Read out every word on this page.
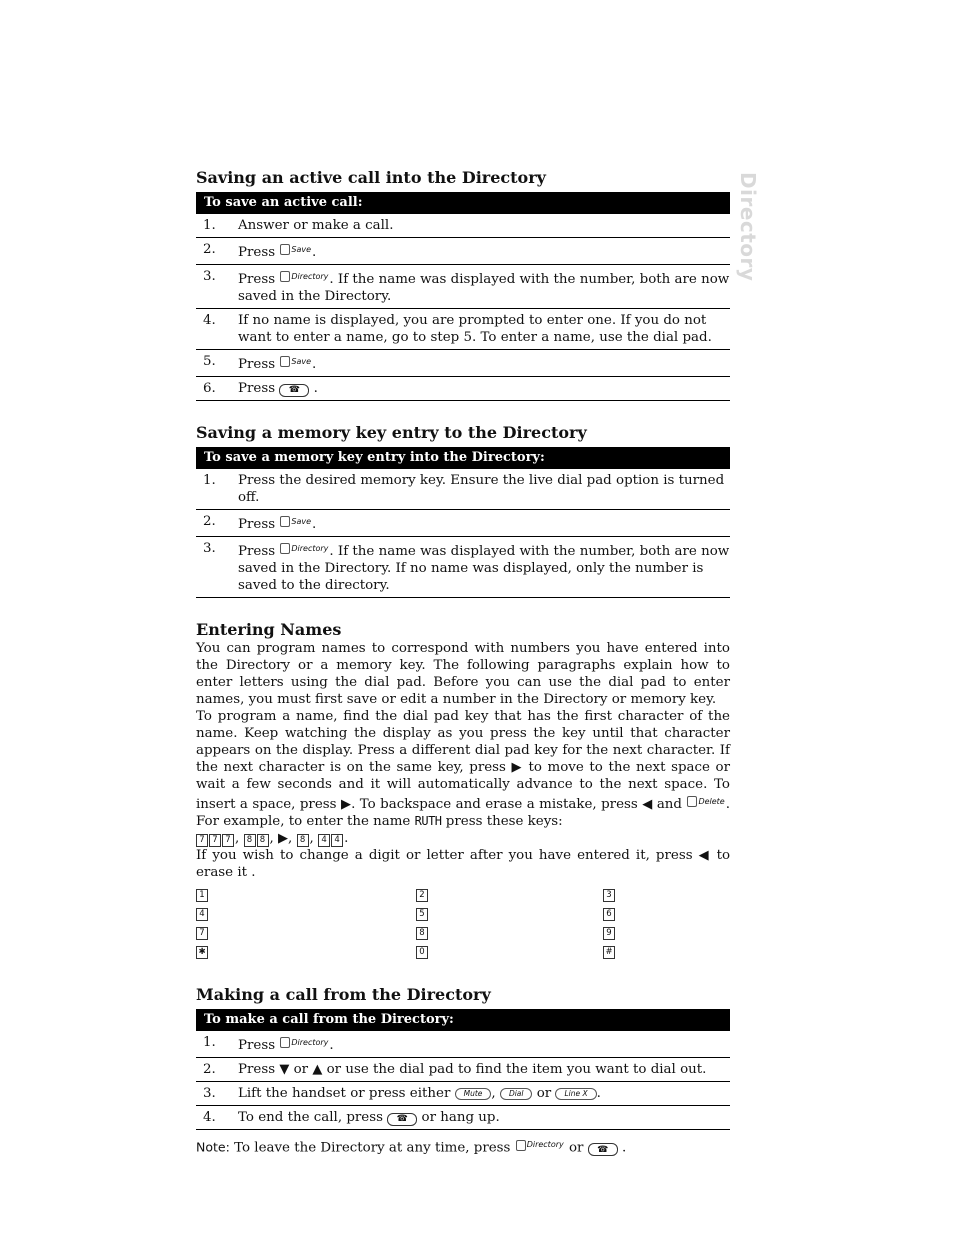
Directory
Saving an active call into the Directory
To save an active call:	
1.	Answer or make a call.
2.	Press Save .
3.	Press Directory . If the name was displayed with the number, both are now saved in the Directory.
4.	If no name is displayed, you are prompted to enter one. If you do not want to enter a name, go to step 5. To enter a name, use the dial pad.
5.	Press Save .
6.	Press ☎ .
Saving a memory key entry to the Directory
To save a memory key entry into the Directory:	
1.	Press the desired memory key. Ensure the live dial pad option is turned off.
2.	Press Save .
3.	Press Directory . If the name was displayed with the number, both are now saved in the Directory. If no name was displayed, only the number is saved to the directory.
Entering Names

You can program names to correspond with numbers you have entered into the Directory or a memory key. The following paragraphs explain how to enter letters using the dial pad. Before you can use the dial pad to enter names, you must first save or edit a number in the Directory or memory key.

To program a name, find the dial pad key that has the first character of the name. Keep watching the display as you press the key until that character appears on the display. Press a different dial pad key for the next character. If the next character is on the same key, press ▶ to move to the next space or wait a few seconds and it will automatically advance to the next space. To insert a space, press ▶. To backspace and erase a mistake, press ◀ and Delete . For example, to enter the name RUTH press these keys:
7 7 7 , 8 8 , ▶, 8 , 4 4 .
If you wish to change a digit or letter after you have entered it, press ◀ to erase it .

1	2	3
4	5	6
7	8	9
✱	0	#
Making a call from the Directory
To make a call from the Directory:	
1.	Press Directory .
2.	Press ▼ or ▲ or use the dial pad to find the item you want to dial out.
3.	Lift the handset or press either Mute , Dial or Line X .
4.	To end the call, press ☎ or hang up.
Note: To leave the Directory at any time, press Directory or ☎ .
